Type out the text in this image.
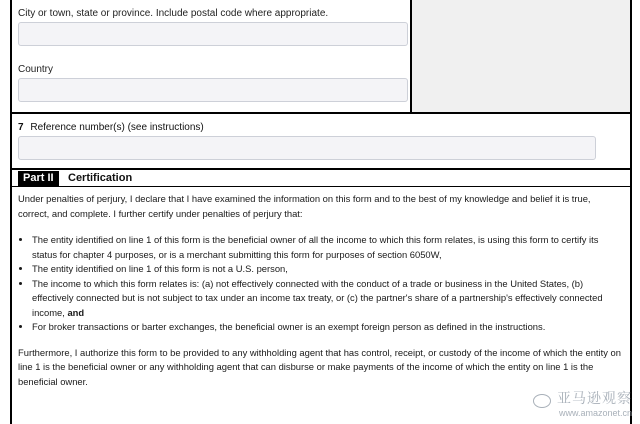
City or town, state or province. Include postal code where appropriate.
Country
7 Reference number(s) (see instructions)
Part II	Certification

Under penalties of perjury, I declare that I have examined the information on this form and to the best of my knowledge and belief it is true, correct, and complete. I further certify under penalties of perjury that:

• The entity identified on line 1 of this form is the beneficial owner of all the income to which this form relates, is using this form to certify its status for chapter 4 purposes, or is a merchant submitting this form for purposes of section 6050W,
• The entity identified on line 1 of this form is not a U.S. person,
• The income to which this form relates is: (a) not effectively connected with the conduct of a trade or business in the United States, (b) effectively connected but is not subject to tax under an income tax treaty, or (c) the partner's share of a partnership's effectively connected income, and
• For broker transactions or barter exchanges, the beneficial owner is an exempt foreign person as defined in the instructions.

Furthermore, I authorize this form to be provided to any withholding agent that has control, receipt, or custody of the income of which the entity on line 1 is the beneficial owner or any withholding agent that can disburse or make payments of the income of which the entity on line 1 is the beneficial owner.

亚马逊观察
www.amazonet.cn
